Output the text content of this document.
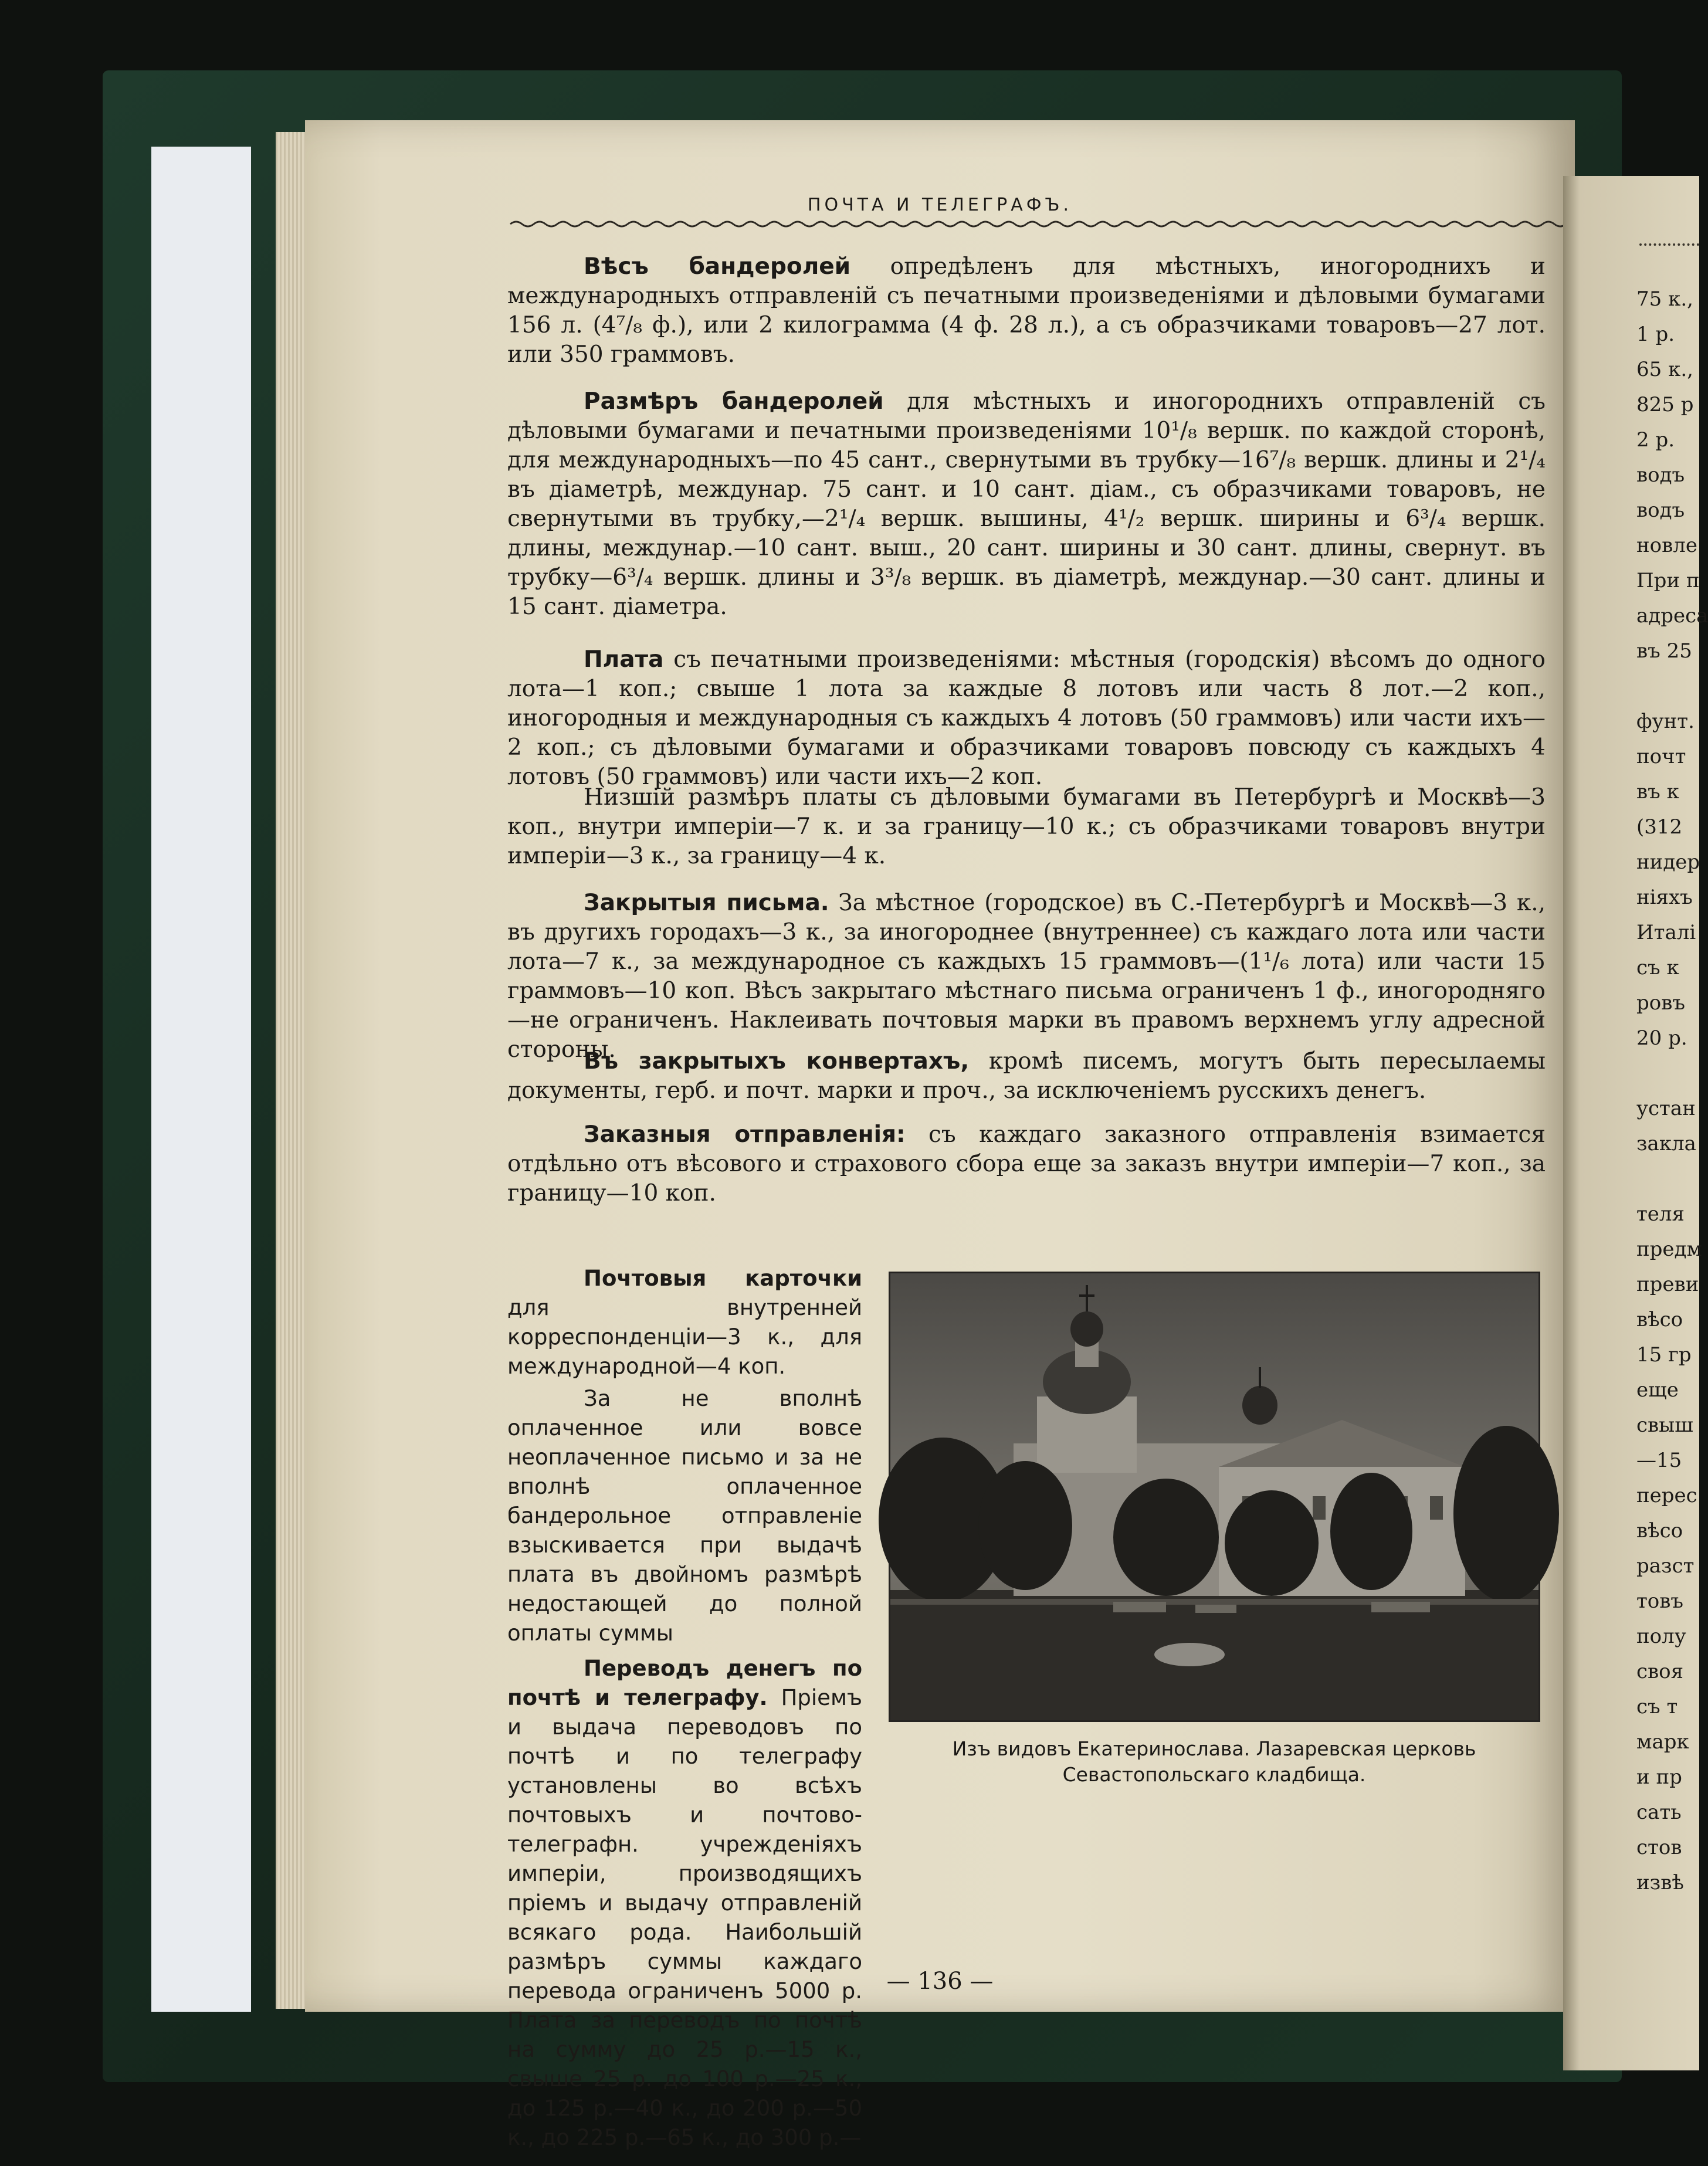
ПОЧТА И ТЕЛЕГРАФЪ.
Вѣсъ бандеролей опредѣленъ для мѣстныхъ, иногороднихъ и международныхъ отправленій съ печатными произведеніями и дѣловыми бумагами 156 л. (4⁷/₈ ф.), или 2 килограмма (4 ф. 28 л.), а съ образчиками товаровъ—27 лот. или 350 граммовъ.
Размѣръ бандеролей для мѣстныхъ и иногороднихъ отправленій съ дѣловыми бумагами и печатными произведеніями 10¹/₈ вершк. по каждой сторонѣ, для международныхъ—по 45 сант., свернутыми въ трубку—16⁷/₈ вершк. длины и 2¹/₄ въ діаметрѣ, междунар. 75 сант. и 10 сант. діам., съ образчиками товаровъ, не свернутыми въ трубку,—2¹/₄ вершк. вышины, 4¹/₂ вершк. ширины и 6³/₄ вершк. длины, междунар.—10 сант. выш., 20 сант. ширины и 30 сант. длины, свернут. въ трубку—6³/₄ вершк. длины и 3³/₈ вершк. въ діаметрѣ, междунар.—30 сант. длины и 15 сант. діаметра.
Плата съ печатными произведеніями: мѣстныя (городскія) вѣсомъ до одного лота—1 коп.; свыше 1 лота за каждые 8 лотовъ или часть 8 лот.—2 коп., иногородныя и международныя съ каждыхъ 4 лотовъ (50 граммовъ) или части ихъ—2 коп.; съ дѣловыми бумагами и образчиками товаровъ повсюду съ каждыхъ 4 лотовъ (50 граммовъ) или части ихъ—2 коп.
Низшій размѣръ платы съ дѣловыми бумагами въ Петербургѣ и Москвѣ—3 коп., внутри имперіи—7 к. и за границу—10 к.; съ образчиками товаровъ внутри имперіи—3 к., за границу—4 к.
Закрытыя письма. За мѣстное (городское) въ С.-Петербургѣ и Москвѣ—3 к., въ другихъ городахъ—3 к., за иногороднее (внутреннее) съ каждаго лота или части лота—7 к., за международное съ каждыхъ 15 граммовъ—(1¹/₆ лота) или части 15 граммовъ—10 коп. Вѣсъ закрытаго мѣстнаго письма ограниченъ 1 ф., иногородняго—не ограниченъ. Наклеивать почтовыя марки въ правомъ верхнемъ углу адресной стороны.
Въ закрытыхъ конвертахъ, кромѣ писемъ, могутъ быть пересылаемы документы, герб. и почт. марки и проч., за исключеніемъ русскихъ денегъ.
Заказныя отправленія: съ каждаго заказного отправленія взимается отдѣльно отъ вѣсового и страхового сбора еще за заказъ внутри имперіи—7 коп., за границу—10 коп.
Почтовыя карточки для внутренней корреспонденціи—3 к., для международной—4 коп.
За не вполнѣ оплаченное или вовсе неоплаченное письмо и за не вполнѣ оплаченное бандерольное отправленіе взыскивается при выдачѣ плата въ двойномъ размѣрѣ недостающей до полной оплаты суммы
Переводъ денегъ по почтѣ и телеграфу. Пріемъ и выдача переводовъ по почтѣ и по телеграфу установлены во всѣхъ почтовыхъ и почтово-телеграфн. учреждeніяхъ имперіи, производящихъ пріемъ и выдачу отправленій всякаго рода. Наибольшій размѣръ суммы каждаго перевода ограниченъ 5000 р. Плата за переводъ по почтѣ на сумму до 25 р.—15 к., свыше 25 р. до 100 р.—25 к., до 125 р.—40 к., до 200 р.—50 к., до 225 р.—65 к., до 300 р.—
Изъ видовъ Екатеринослава. Лазаревская церковь
Севастопольскаго кладбища.
— 136 —
75 к.,
1 р.
65 к.,
825 р
2 р.
водъ
водъ
новле
При п
адреса
въ 25
фунт.
почт
въ к
(312
нидер
ніяхъ
Италі
съ к
ровъ
20 р.
устан
закла
теля
предм
преви
вѣсо
15 гр
еще
свыш
—15
перес
вѣсо
разст
товъ
полу
своя
съ т
марк
и пр
сать
стов
извѣ
